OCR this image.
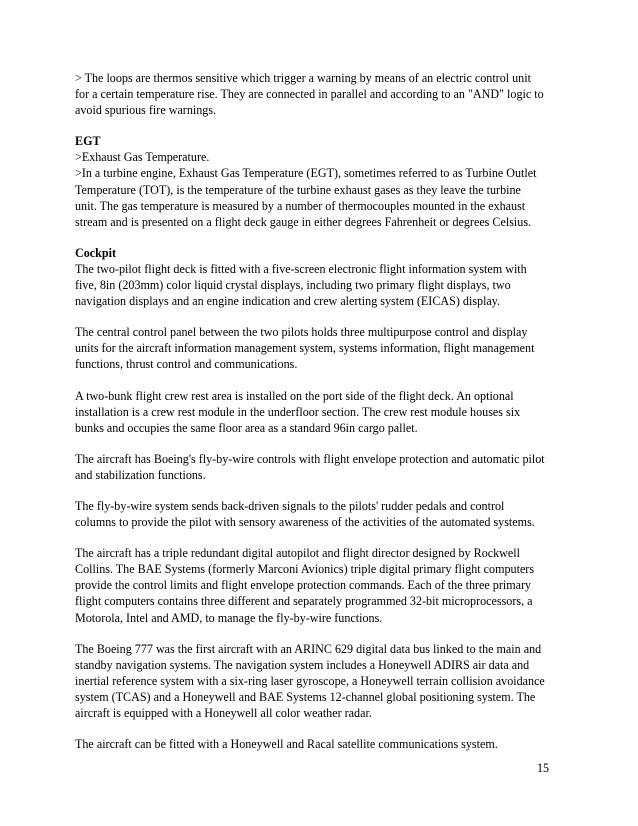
> The loops are thermos sensitive which trigger a warning by means of an electric control unit
for a certain temperature rise. They are connected in parallel and according to an "AND" logic to
avoid spurious fire warnings.

EGT
>Exhaust Gas Temperature.
>In a turbine engine, Exhaust Gas Temperature (EGT), sometimes referred to as Turbine Outlet
Temperature (TOT), is the temperature of the turbine exhaust gases as they leave the turbine
unit. The gas temperature is measured by a number of thermocouples mounted in the exhaust
stream and is presented on a flight deck gauge in either degrees Fahrenheit or degrees Celsius.

Cockpit
The two-pilot flight deck is fitted with a five-screen electronic flight information system with
five, 8in (203mm) color liquid crystal displays, including two primary flight displays, two
navigation displays and an engine indication and crew alerting system (EICAS) display.

The central control panel between the two pilots holds three multipurpose control and display
units for the aircraft information management system, systems information, flight management
functions, thrust control and communications.

A two-bunk flight crew rest area is installed on the port side of the flight deck. An optional
installation is a crew rest module in the underfloor section. The crew rest module houses six
bunks and occupies the same floor area as a standard 96in cargo pallet.

The aircraft has Boeing's fly-by-wire controls with flight envelope protection and automatic pilot
and stabilization functions.

The fly-by-wire system sends back-driven signals to the pilots' rudder pedals and control
columns to provide the pilot with sensory awareness of the activities of the automated systems.

The aircraft has a triple redundant digital autopilot and flight director designed by Rockwell
Collins. The BAE Systems (formerly Marconi Avionics) triple digital primary flight computers
provide the control limits and flight envelope protection commands. Each of the three primary
flight computers contains three different and separately programmed 32-bit microprocessors, a
Motorola, Intel and AMD, to manage the fly-by-wire functions.

The Boeing 777 was the first aircraft with an ARINC 629 digital data bus linked to the main and
standby navigation systems. The navigation system includes a Honeywell ADIRS air data and
inertial reference system with a six-ring laser gyroscope, a Honeywell terrain collision avoidance
system (TCAS) and a Honeywell and BAE Systems 12-channel global positioning system. The
aircraft is equipped with a Honeywell all color weather radar.

The aircraft can be fitted with a Honeywell and Racal satellite communications system.

15
